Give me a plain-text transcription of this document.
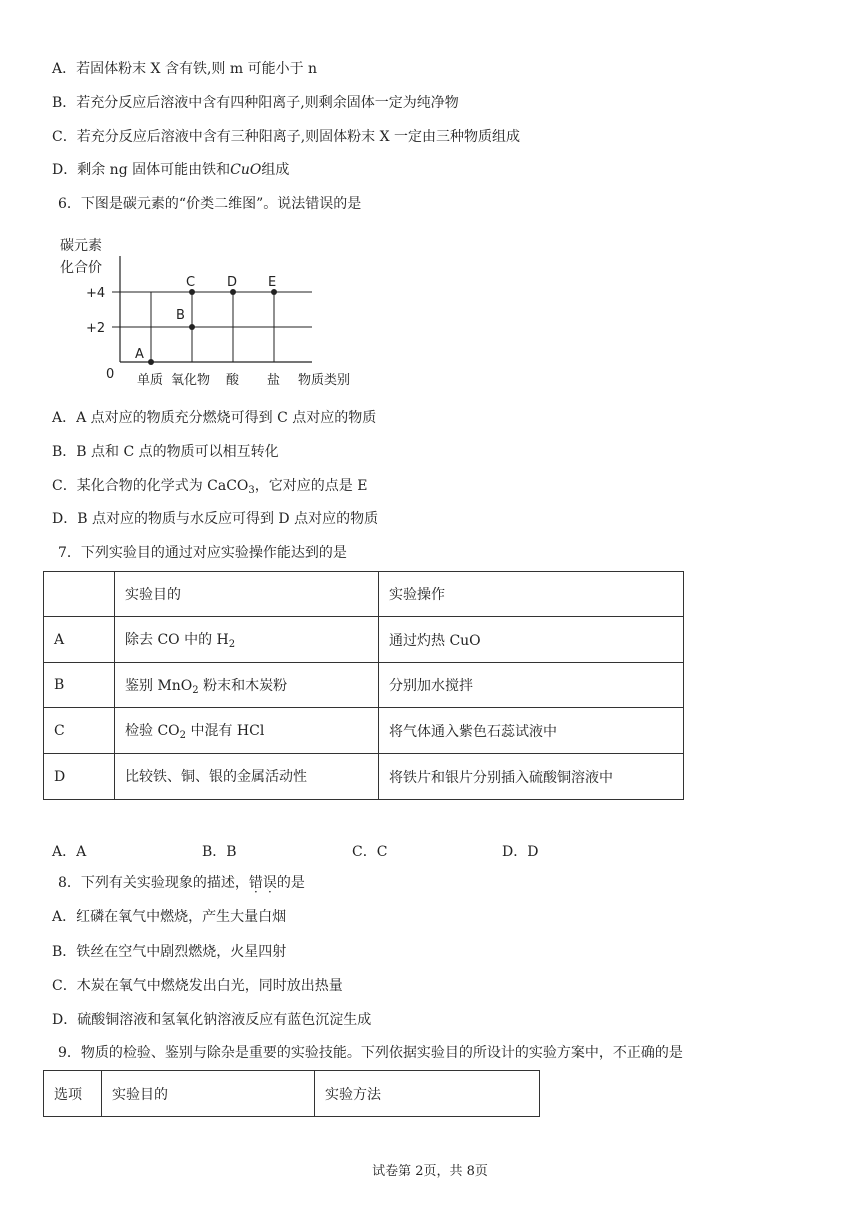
A．若固体粉末 X 含有铁,则 m 可能小于 n
B．若充分反应后溶液中含有四种阳离子,则剩余固体一定为纯净物
C．若充分反应后溶液中含有三种阳离子,则固体粉末 X 一定由三种物质组成
D．剩余 ng 固体可能由铁和CuO组成
6．下图是碳元素的“价类二维图”。说法错误的是
碳元素
化合价
0	物质类别
+4
+2
单质 氧化物 酸 盐
A
B
C D E
A．A 点对应的物质充分燃烧可得到 C 点对应的物质
B．B 点和 C 点的物质可以相互转化
C．某化合物的化学式为 CaCO$_3$，它对应的点是 E
D．B 点对应的物质与水反应可得到 D 点对应的物质
7．下列实验目的通过对应实验操作能达到的是
	实验目的	实验操作
A	除去 CO 中的 $H_2$	通过灼热 CuO
B	鉴别 MnO$_2$ 粉末和木炭粉	分别加水搅拌
C	检验 $CO_2$ 中混有 HCl	将气体通入紫色石蕊试液中
D	比较铁、铜、银的金属活动性	将铁片和银片分别插入硫酸铜溶液中
A．A	B．B	C．C	D．D
8．下列有关实验现象的描述，错误的是
A．红磷在氧气中燃烧，产生大量白烟
B．铁丝在空气中剧烈燃烧，火星四射
C．木炭在氧气中燃烧发出白光，同时放出热量
D．硫酸铜溶液和氢氧化钠溶液反应有蓝色沉淀生成
9．物质的检验、鉴别与除杂是重要的实验技能。下列依据实验目的所设计的实验方案中，不正确的是
选项	实验目的	实验方法
试卷第 2页，共 8页
